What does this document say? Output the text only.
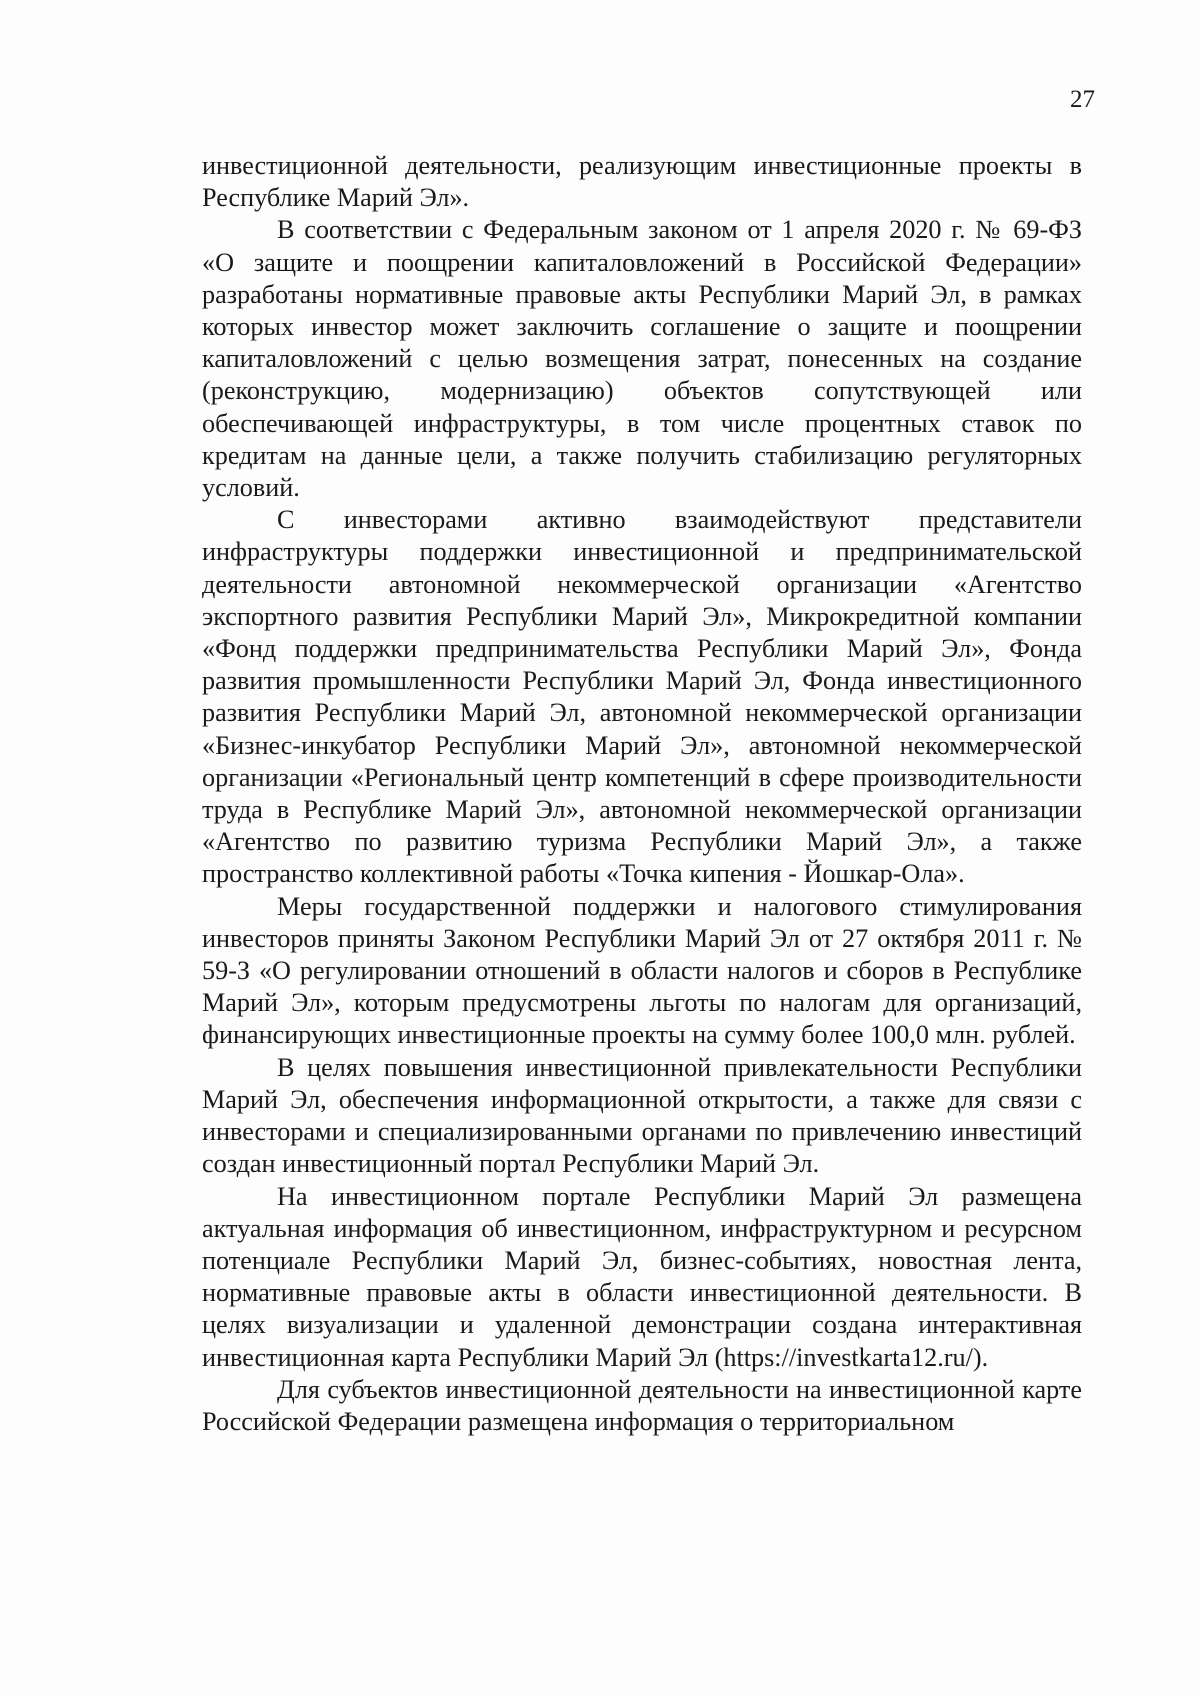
27

инвестиционной деятельности, реализующим инвестиционные проекты в Республике Марий Эл».

В соответствии с Федеральным законом от 1 апреля 2020 г. № 69-ФЗ «О защите и поощрении капиталовложений в Российской Федерации» разработаны нормативные правовые акты Республики Марий Эл, в рамках которых инвестор может заключить соглашение о защите и поощрении капиталовложений с целью возмещения затрат, понесенных на создание (реконструкцию, модернизацию) объектов сопутствующей или обеспечивающей инфраструктуры, в том числе процентных ставок по кредитам на данные цели, а также получить стабилизацию регуляторных условий.

С инвесторами активно взаимодействуют представители инфраструктуры поддержки инвестиционной и предпринимательской деятельности автономной некоммерческой организации «Агентство экспортного развития Республики Марий Эл», Микрокредитной компании «Фонд поддержки предпринимательства Республики Марий Эл», Фонда развития промышленности Республики Марий Эл, Фонда инвестиционного развития Республики Марий Эл, автономной некоммерческой организации «Бизнес-инкубатор Республики Марий Эл», автономной некоммерческой организации «Региональный центр компетенций в сфере производительности труда в Республике Марий Эл», автономной некоммерческой организации «Агентство по развитию туризма Республики Марий Эл», а также пространство коллективной работы «Точка кипения - Йошкар-Ола».

Меры государственной поддержки и налогового стимулирования инвесторов приняты Законом Республики Марий Эл от 27 октября 2011 г. № 59-З «О регулировании отношений в области налогов и сборов в Республике Марий Эл», которым предусмотрены льготы по налогам для организаций, финансирующих инвестиционные проекты на сумму более 100,0 млн. рублей.

В целях повышения инвестиционной привлекательности Республики Марий Эл, обеспечения информационной открытости, а также для связи с инвесторами и специализированными органами по привлечению инвестиций создан инвестиционный портал Республики Марий Эл.

На инвестиционном портале Республики Марий Эл размещена актуальная информация об инвестиционном, инфраструктурном и ресурсном потенциале Республики Марий Эл, бизнес-событиях, новостная лента, нормативные правовые акты в области инвестиционной деятельности. В целях визуализации и удаленной демонстрации создана интерактивная инвестиционная карта Республики Марий Эл (https://investkarta12.ru/).

Для субъектов инвестиционной деятельности на инвестиционной карте Российской Федерации размещена информация о территориальном
